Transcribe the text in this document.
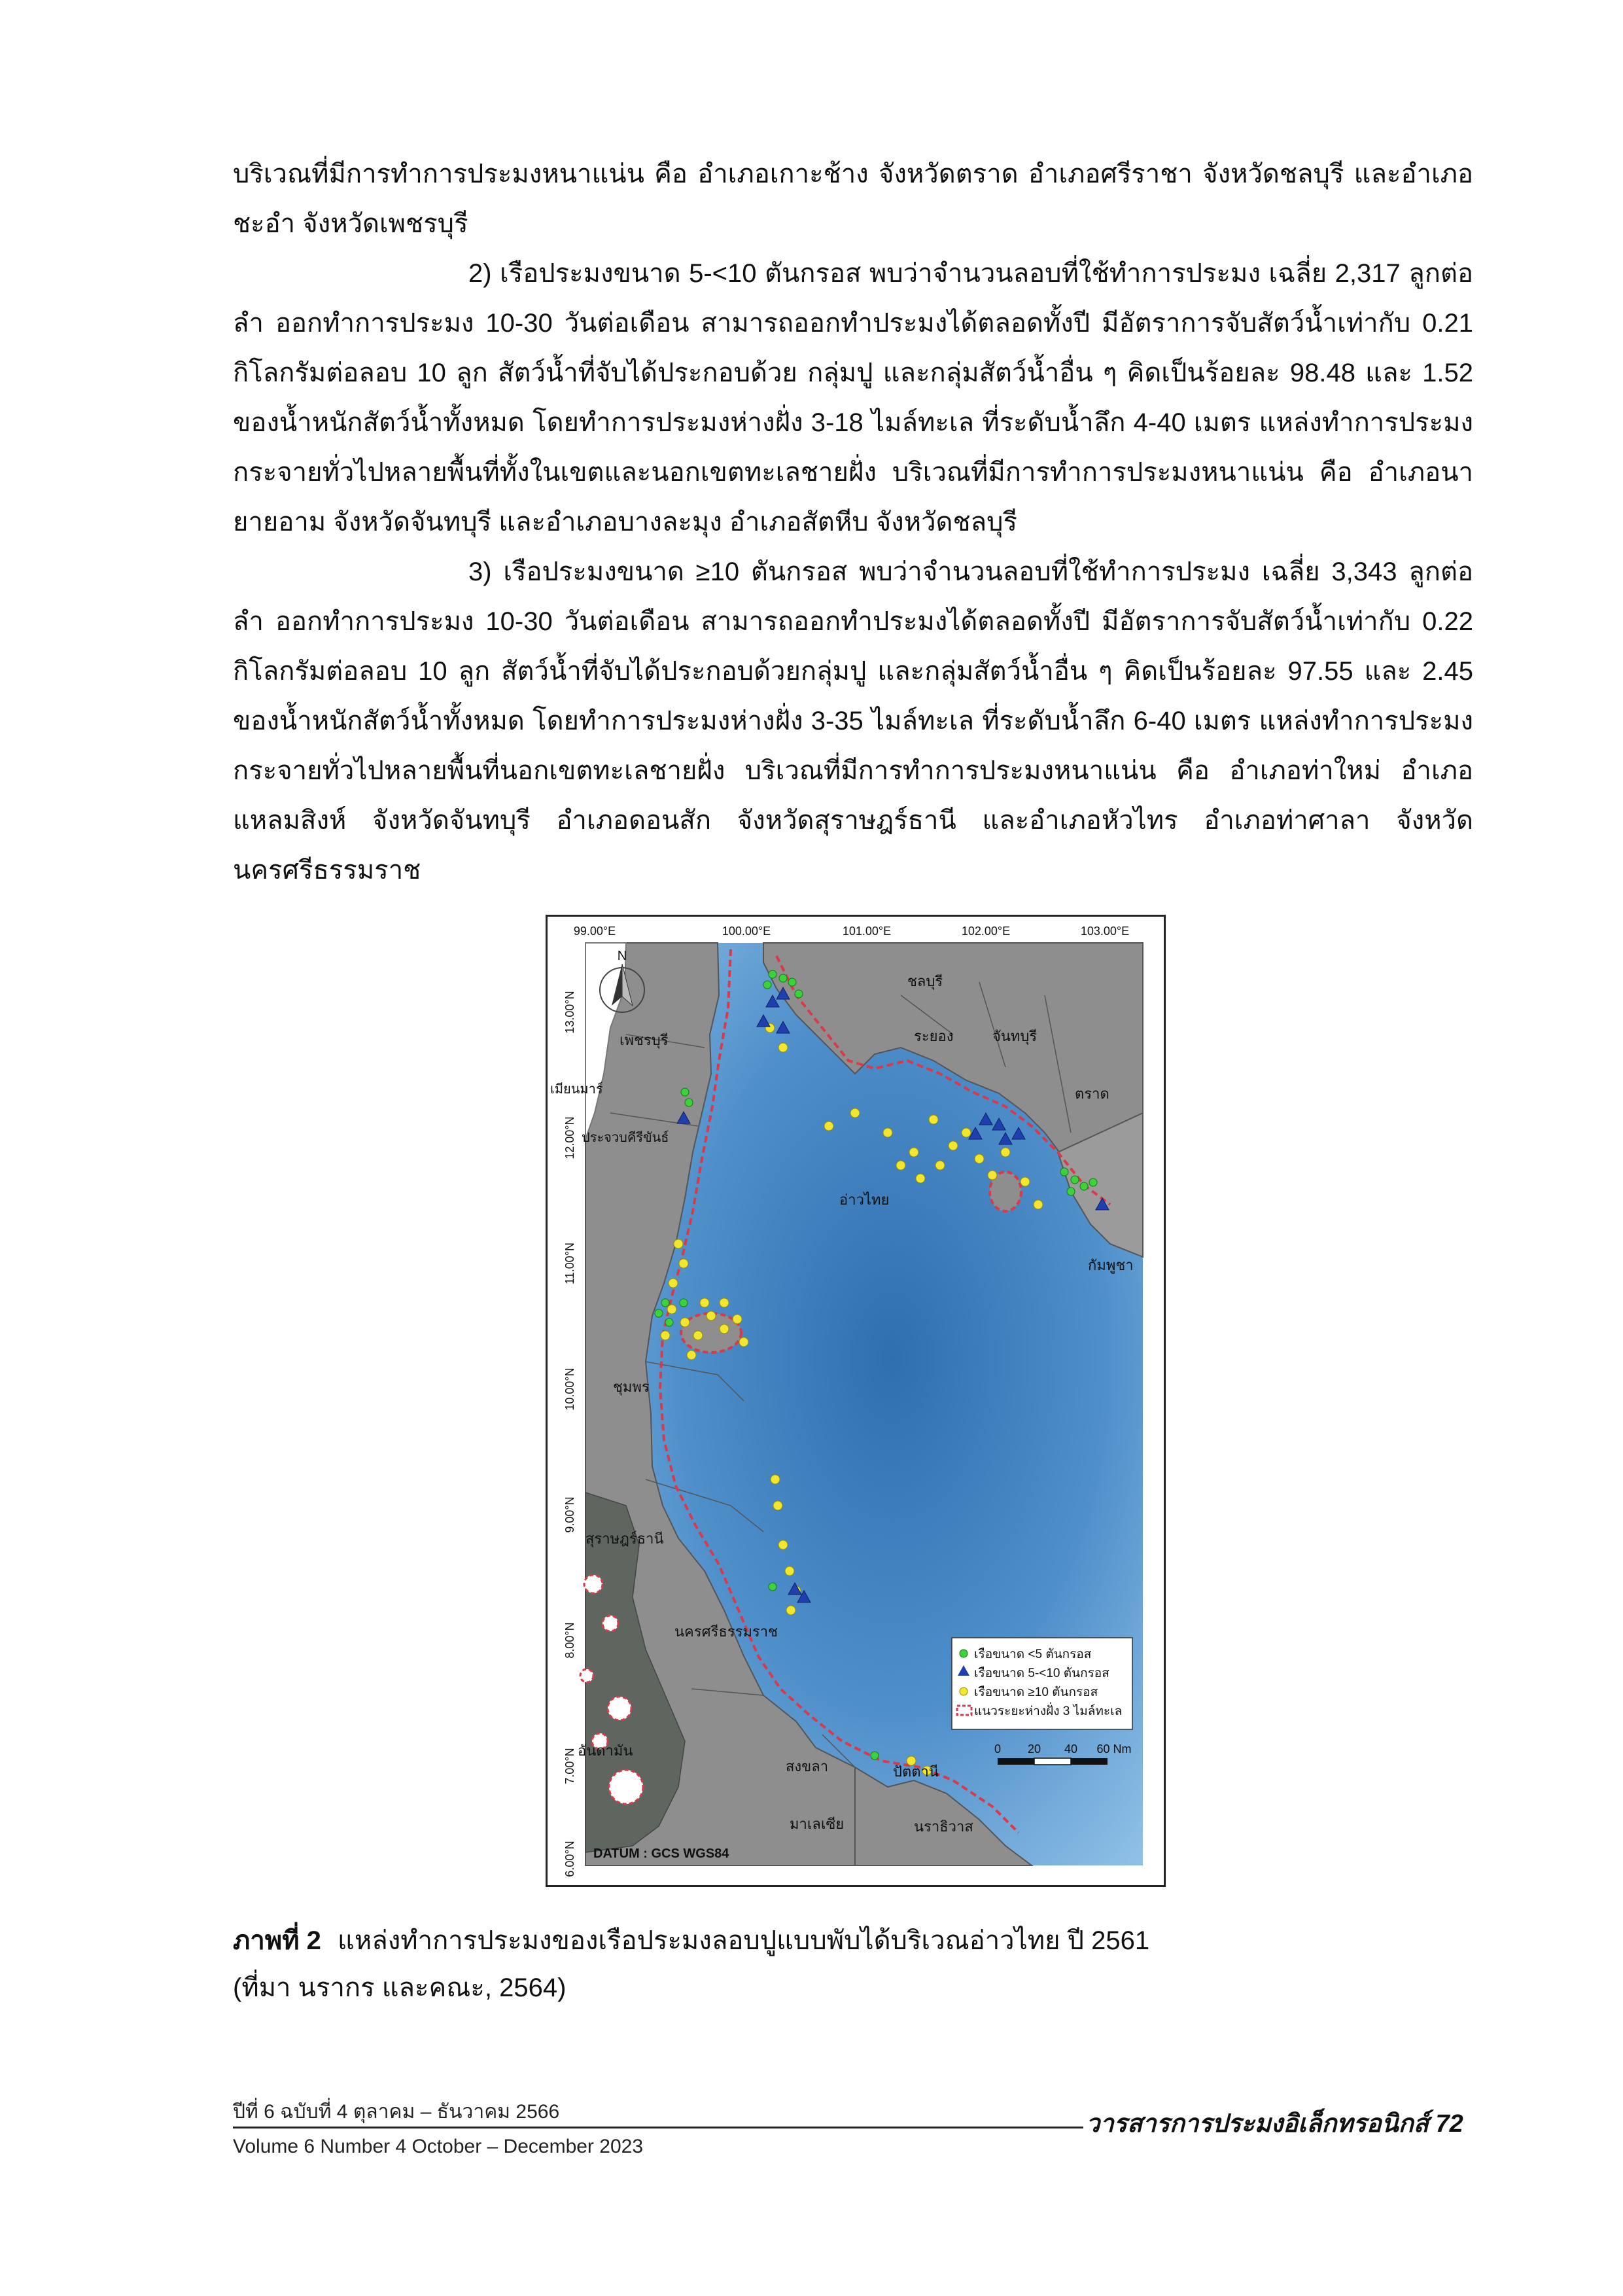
บริเวณที่มีการทำการประมงหนาแน่น คือ อำเภอเกาะช้าง จังหวัดตราด อำเภอศรีราชา จังหวัดชลบุรี และอำเภอชะอำ จังหวัดเพชรบุรี

2) เรือประมงขนาด 5-<10 ตันกรอส พบว่าจำนวนลอบที่ใช้ทำการประมง เฉลี่ย 2,317 ลูกต่อลำ ออกทำการประมง 10-30 วันต่อเดือน สามารถออกทำประมงได้ตลอดทั้งปี มีอัตราการจับสัตว์น้ำเท่ากับ 0.21 กิโลกรัมต่อลอบ 10 ลูก สัตว์น้ำที่จับได้ประกอบด้วย กลุ่มปู และกลุ่มสัตว์น้ำอื่น ๆ คิดเป็นร้อยละ 98.48 และ 1.52 ของน้ำหนักสัตว์น้ำทั้งหมด โดยทำการประมงห่างฝั่ง 3-18 ไมล์ทะเล ที่ระดับน้ำลึก 4-40 เมตร แหล่งทำการประมงกระจายทั่วไปหลายพื้นที่ทั้งในเขตและนอกเขตทะเลชายฝั่ง บริเวณที่มีการทำการประมงหนาแน่น คือ อำเภอนายายอาม จังหวัดจันทบุรี และอำเภอบางละมุง อำเภอสัตหีบ จังหวัดชลบุรี

3) เรือประมงขนาด ≥10 ตันกรอส พบว่าจำนวนลอบที่ใช้ทำการประมง เฉลี่ย 3,343 ลูกต่อลำ ออกทำการประมง 10-30 วันต่อเดือน สามารถออกทำประมงได้ตลอดทั้งปี มีอัตราการจับสัตว์น้ำเท่ากับ 0.22 กิโลกรัมต่อลอบ 10 ลูก สัตว์น้ำที่จับได้ประกอบด้วยกลุ่มปู และกลุ่มสัตว์น้ำอื่น ๆ คิดเป็นร้อยละ 97.55 และ 2.45 ของน้ำหนักสัตว์น้ำทั้งหมด โดยทำการประมงห่างฝั่ง 3-35 ไมล์ทะเล ที่ระดับน้ำลึก 6-40 เมตร แหล่งทำการประมงกระจายทั่วไปหลายพื้นที่นอกเขตทะเลชายฝั่ง บริเวณที่มีการทำการประมงหนาแน่น คือ อำเภอท่าใหม่ อำเภอแหลมสิงห์ จังหวัดจันทบุรี อำเภอดอนสัก จังหวัดสุราษฎร์ธานี และอำเภอหัวไทร อำเภอท่าศาลา จังหวัดนครศรีธรรมราช

เพชรบุรี
เมียนมาร์
ประจวบคีรีขันธ์
ชลบุรี
ระยอง	จันทบุรี
ตราด
อ่าวไทย
กัมพูชา
ชุมพร
สุราษฎร์ธานี
นครศรีธรรมราช
อันดามัน
สงขลา	ปัตตานี
มาเลเซีย	นราธิวาส
99.00°E	100.00°E	101.00°E	102.00°E	103.00°E
13.00°N
12.00°N
11.00°N
10.00°N
9.00°N
8.00°N
7.00°N
6.00°N
N
เรือขนาด <5 ตันกรอส
เรือขนาด 5-<10 ตันกรอส
เรือขนาด ≥10 ตันกรอส
แนวระยะห่างฝั่ง 3 ไมล์ทะเล
0 20 40 60 Nm
DATUM : GCS WGS84
ภาพที่ 2 แหล่งทำการประมงของเรือประมงลอบปูแบบพับได้บริเวณอ่าวไทย ปี 2561
(ที่มา นรากร และคณะ, 2564)
ปีที่ 6 ฉบับที่ 4 ตุลาคม – ธันวาคม 2566	วารสารการประมงอิเล็กทรอนิกส์ 72
Volume 6 Number 4 October – December 2023
